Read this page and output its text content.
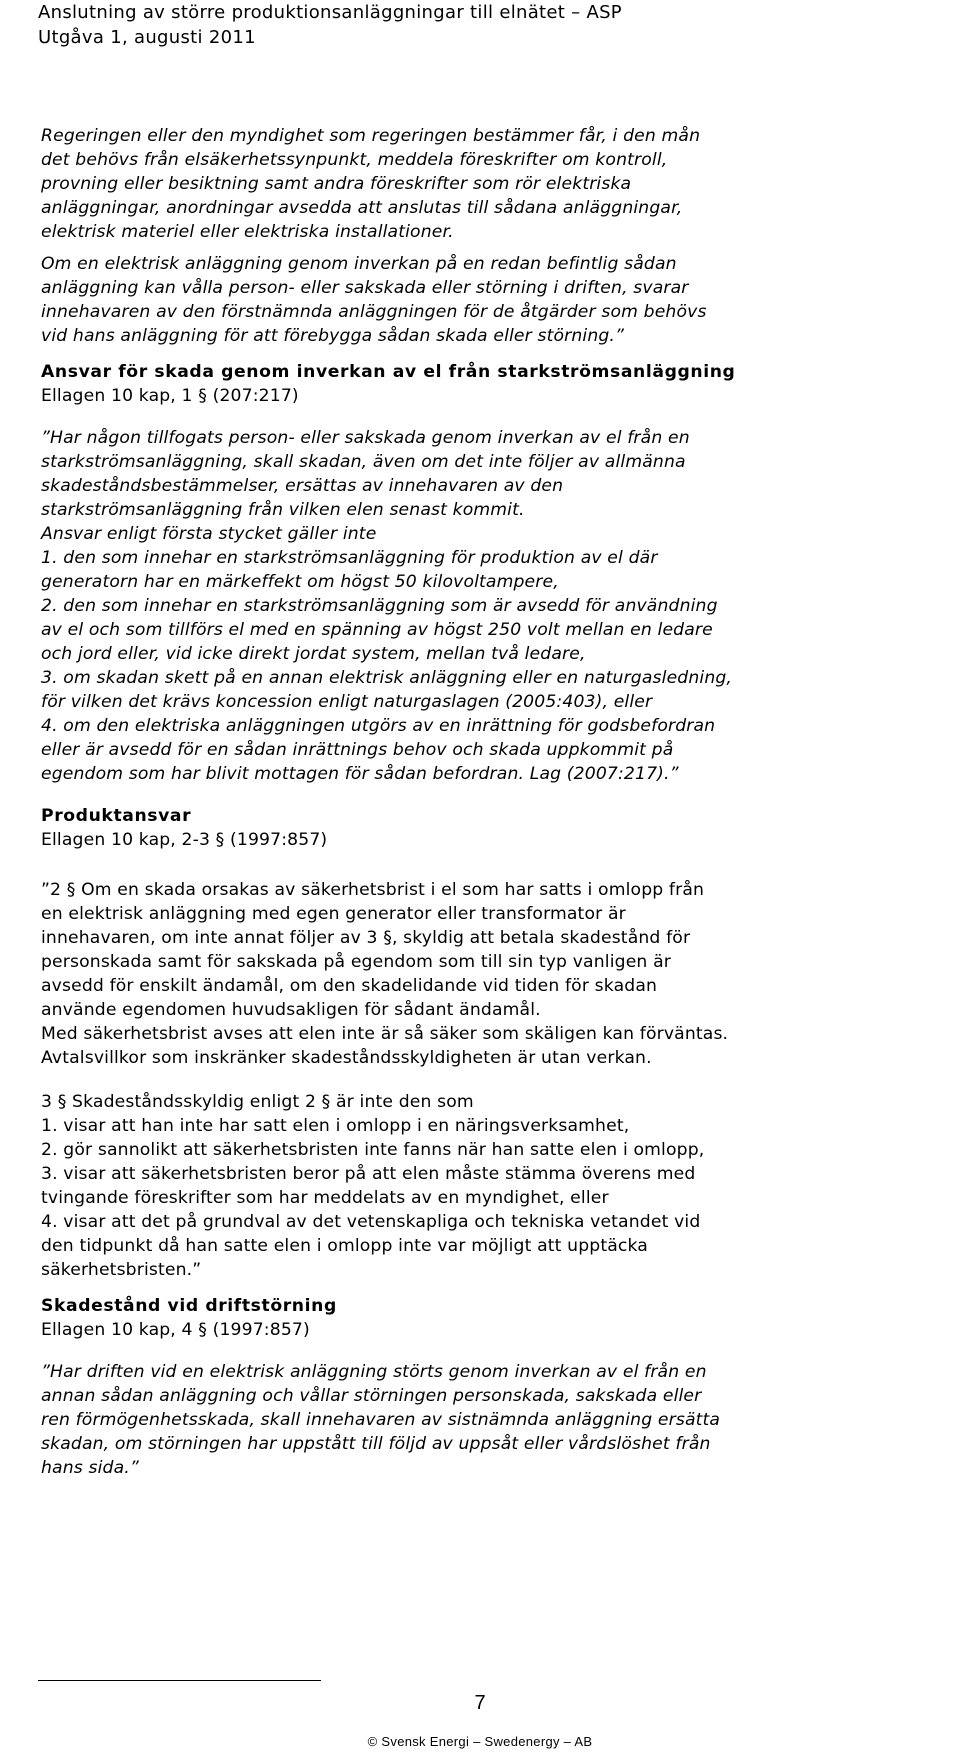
Anslutning av större produktionsanläggningar till elnätet – ASP
Utgåva 1, augusti 2011
Regeringen eller den myndighet som regeringen bestämmer får, i den mån
det behövs från elsäkerhetssynpunkt, meddela föreskrifter om kontroll,
provning eller besiktning samt andra föreskrifter som rör elektriska
anläggningar, anordningar avsedda att anslutas till sådana anläggningar,
elektrisk materiel eller elektriska installationer.
Om en elektrisk anläggning genom inverkan på en redan befintlig sådan
anläggning kan vålla person- eller sakskada eller störning i driften, svarar
innehavaren av den förstnämnda anläggningen för de åtgärder som behövs
vid hans anläggning för att förebygga sådan skada eller störning.”
Ansvar för skada genom inverkan av el från starkströmsanläggning
Ellagen 10 kap, 1 § (207:217)
”Har någon tillfogats person- eller sakskada genom inverkan av el från en
starkströmsanläggning, skall skadan, även om det inte följer av allmänna
skadeståndsbestämmelser, ersättas av innehavaren av den
starkströmsanläggning från vilken elen senast kommit.
Ansvar enligt första stycket gäller inte
1. den som innehar en starkströmsanläggning för produktion av el där
generatorn har en märkeffekt om högst 50 kilovoltampere,
2. den som innehar en starkströmsanläggning som är avsedd för användning
av el och som tillförs el med en spänning av högst 250 volt mellan en ledare
och jord eller, vid icke direkt jordat system, mellan två ledare,
3. om skadan skett på en annan elektrisk anläggning eller en naturgasledning,
för vilken det krävs koncession enligt naturgaslagen (2005:403), eller
4. om den elektriska anläggningen utgörs av en inrättning för godsbefordran
eller är avsedd för en sådan inrättnings behov och skada uppkommit på
egendom som har blivit mottagen för sådan befordran. Lag (2007:217).”
Produktansvar
Ellagen 10 kap, 2-3 § (1997:857)
”2 § Om en skada orsakas av säkerhetsbrist i el som har satts i omlopp från
en elektrisk anläggning med egen generator eller transformator är
innehavaren, om inte annat följer av 3 §, skyldig att betala skadestånd för
personskada samt för sakskada på egendom som till sin typ vanligen är
avsedd för enskilt ändamål, om den skadelidande vid tiden för skadan
använde egendomen huvudsakligen för sådant ändamål.
Med säkerhetsbrist avses att elen inte är så säker som skäligen kan förväntas.
Avtalsvillkor som inskränker skadeståndsskyldigheten är utan verkan.
3 § Skadeståndsskyldig enligt 2 § är inte den som
1. visar att han inte har satt elen i omlopp i en näringsverksamhet,
2. gör sannolikt att säkerhetsbristen inte fanns när han satte elen i omlopp,
3. visar att säkerhetsbristen beror på att elen måste stämma överens med
tvingande föreskrifter som har meddelats av en myndighet, eller
4. visar att det på grundval av det vetenskapliga och tekniska vetandet vid
den tidpunkt då han satte elen i omlopp inte var möjligt att upptäcka
säkerhetsbristen.”
Skadestånd vid driftstörning
Ellagen 10 kap, 4 § (1997:857)
”Har driften vid en elektrisk anläggning störts genom inverkan av el från en
annan sådan anläggning och vållar störningen personskada, sakskada eller
ren förmögenhetsskada, skall innehavaren av sistnämnda anläggning ersätta
skadan, om störningen har uppstått till följd av uppsåt eller vårdslöshet från
hans sida.”
7
© Svensk Energi – Swedenergy – AB
